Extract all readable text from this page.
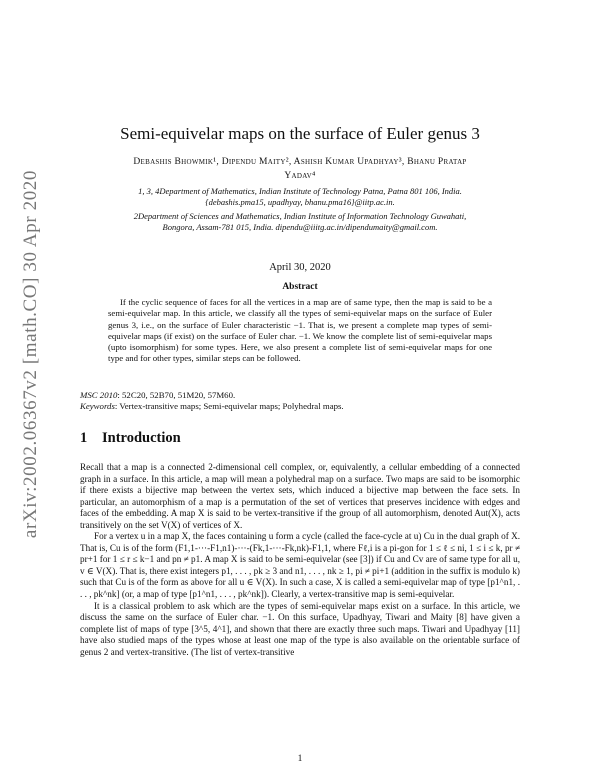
arXiv:2002.06367v2 [math.CO] 30 Apr 2020
Semi-equivelar maps on the surface of Euler genus 3
Debashis Bhowmik¹, Dipendu Maity², Ashish Kumar Upadhyay³, Bhanu Pratap
Yadav⁴
1, 3, 4Department of Mathematics, Indian Institute of Technology Patna, Patna 801 106, India.
{debashis.pma15, upadhyay, bhanu.pma16}@iitp.ac.in.
2Department of Sciences and Mathematics, Indian Institute of Information Technology Guwahati,
Bongora, Assam-781 015, India. dipendu@iiitg.ac.in/dipendumaity@gmail.com.
April 30, 2020
Abstract

If the cyclic sequence of faces for all the vertices in a map are of same type, then the map is said to be a semi-equivelar map. In this article, we classify all the types of semi-equivelar maps on the surface of Euler genus 3, i.e., on the surface of Euler characteristic −1. That is, we present a complete map types of semi-equivelar maps (if exist) on the surface of Euler char. −1. We know the complete list of semi-equivelar maps (upto isomorphism) for some types. Here, we also present a complete list of semi-equivelar maps for one type and for other types, similar steps can be followed.

MSC 2010: 52C20, 52B70, 51M20, 57M60.
Keywords: Vertex-transitive maps; Semi-equivelar maps; Polyhedral maps.
1 Introduction

Recall that a map is a connected 2-dimensional cell complex, or, equivalently, a cellular embedding of a connected graph in a surface. In this article, a map will mean a polyhedral map on a surface. Two maps are said to be isomorphic if there exists a bijective map between the vertex sets, which induced a bijective map between the face sets. In particular, an automorphism of a map is a permutation of the set of vertices that preserves incidence with edges and faces of the embedding. A map X is said to be vertex-transitive if the group of all automorphism, denoted Aut(X), acts transitively on the set V(X) of vertices of X.

For a vertex u in a map X, the faces containing u form a cycle (called the face-cycle at u) Cu in the dual graph of X. That is, Cu is of the form (F1,1-···-F1,n1)-···-(Fk,1-···-Fk,nk)-F1,1, where Fℓ,i is a pi-gon for 1 ≤ ℓ ≤ ni, 1 ≤ i ≤ k, pr ≠ pr+1 for 1 ≤ r ≤ k−1 and pn ≠ p1. A map X is said to be semi-equivelar (see [3]) if Cu and Cv are of same type for all u, v ∈ V(X). That is, there exist integers p1, . . . , pk ≥ 3 and n1, . . . , nk ≥ 1, pi ≠ pi+1 (addition in the suffix is modulo k) such that Cu is of the form as above for all u ∈ V(X). In such a case, X is called a semi-equivelar map of type [p1^n1, . . . , pk^nk] (or, a map of type [p1^n1, . . . , pk^nk]). Clearly, a vertex-transitive map is semi-equivelar.

It is a classical problem to ask which are the types of semi-equivelar maps exist on a surface. In this article, we discuss the same on the surface of Euler char. −1. On this surface, Upadhyay, Tiwari and Maity [8] have given a complete list of maps of type [3^5, 4^1], and shown that there are exactly three such maps. Tiwari and Upadhyay [11] have also studied maps of the types whose at least one map of the type is also available on the orientable surface of genus 2 and vertex-transitive. (The list of vertex-transitive

1
